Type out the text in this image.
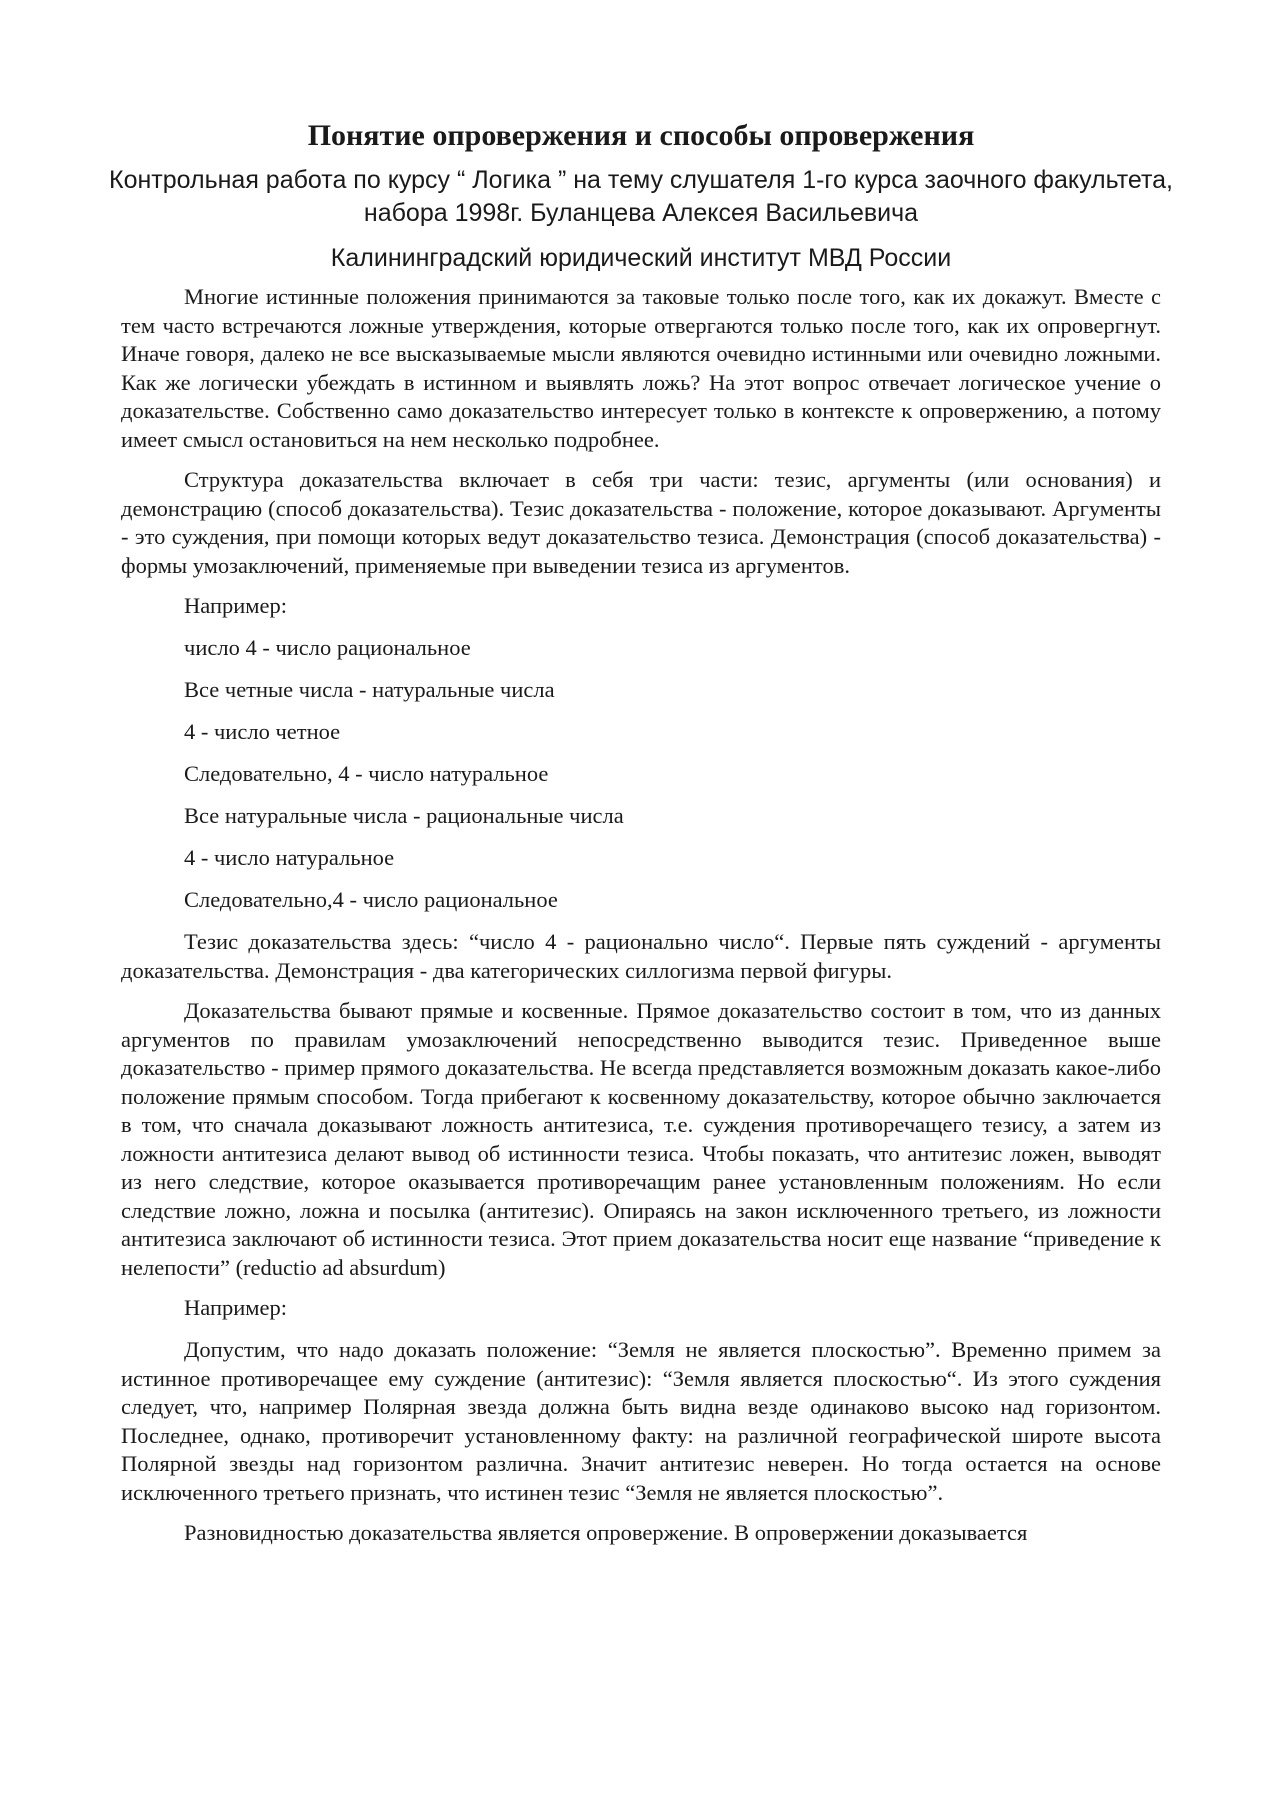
Понятие опровержения и способы опровержения

Контрольная работа по курсу “ Логика ” на тему слушателя 1-го курса заочного факультета, набора 1998г. Буланцева Алексея Васильевича

Калининградский юридический институт МВД России

Многие истинные положения принимаются за таковые только после того, как их докажут. Вместе с тем часто встречаются ложные утверждения, которые отвергаются только после того, как их опровергнут. Иначе говоря, далеко не все высказываемые мысли являются очевидно истинными или очевидно ложными. Как же логически убеждать в истинном и выявлять ложь? На этот вопрос отвечает логическое учение о доказательстве. Собственно само доказательство интересует только в контексте к опровержению, а потому имеет смысл остановиться на нем несколько подробнее.

Структура доказательства включает в себя три части: тезис, аргументы (или основания) и демонстрацию (способ доказательства). Тезис доказательства - положение, которое доказывают. Аргументы - это суждения, при помощи которых ведут доказательство тезиса. Демонстрация (способ доказательства) - формы умозаключений, применяемые при выведении тезиса из аргументов.

Например:

число 4 - число рациональное

Все четные числа - натуральные числа

4 - число четное

Следовательно, 4 - число натуральное

Все натуральные числа - рациональные числа

4 - число натуральное

Следовательно,4 - число рациональное

Тезис доказательства здесь: “число 4 - рационально число“. Первые пять суждений - аргументы доказательства. Демонстрация - два категорических силлогизма первой фигуры.

Доказательства бывают прямые и косвенные. Прямое доказательство состоит в том, что из данных аргументов по правилам умозаключений непосредственно выводится тезис. Приведенное выше доказательство - пример прямого доказательства. Не всегда представляется возможным доказать какое-либо положение прямым способом. Тогда прибегают к косвенному доказательству, которое обычно заключается в том, что сначала доказывают ложность антитезиса, т.е. суждения противоречащего тезису, а затем из ложности антитезиса делают вывод об истинности тезиса. Чтобы показать, что антитезис ложен, выводят из него следствие, которое оказывается противоречащим ранее установленным положениям. Но если следствие ложно, ложна и посылка (антитезис). Опираясь на закон исключенного третьего, из ложности антитезиса заключают об истинности тезиса. Этот прием доказательства носит еще название “приведение к нелепости” (reductio ad absurdum)

Например:

Допустим, что надо доказать положение: “Земля не является плоскостью”. Временно примем за истинное противоречащее ему суждение (антитезис): “Земля является плоскостью“. Из этого суждения следует, что, например Полярная звезда должна быть видна везде одинаково высоко над горизонтом. Последнее, однако, противоречит установленному факту: на различной географической широте высота Полярной звезды над горизонтом различна. Значит антитезис неверен. Но тогда остается на основе исключенного третьего признать, что истинен тезис “Земля не является плоскостью”.

Разновидностью доказательства является опровержение. В опровержении доказывается
